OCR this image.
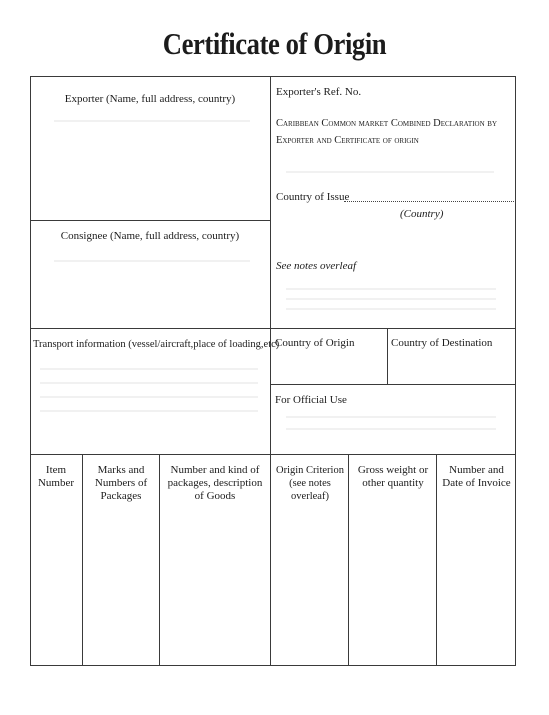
Certificate of Origin
Exporter (Name, full address, country)
Exporter's Ref. No.
Caribbean Common market Combined Declaration by Exporter and Certificate of origin
Country of Issue
(Country)
Consignee (Name, full address, country)
See notes overleaf
Transport information (vessel/aircraft,place of loading,etc)
Country of Origin	Country of Destination
For Official Use
Item Number
Marks and Numbers of Packages
Number and kind of packages, description of Goods
Origin Criterion (see notes overleaf)
Gross weight or other quantity
Number and Date of Invoice
